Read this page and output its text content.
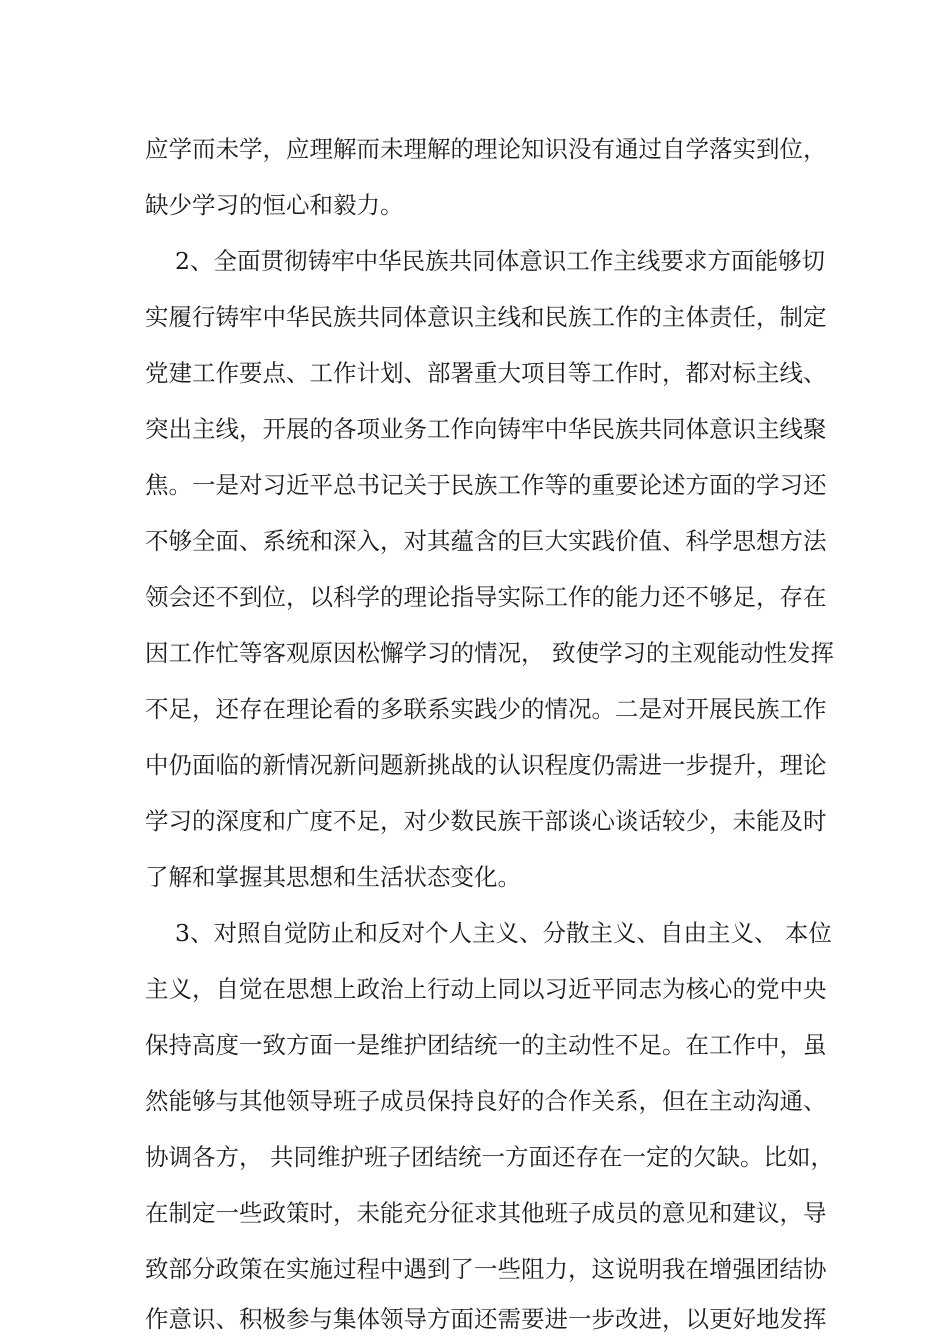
应学而未学，应理解而未理解的理论知识没有通过自学落实到位，
缺少学习的恒心和毅力。
2、全面贯彻铸牢中华民族共同体意识工作主线要求方面能够切
实履行铸牢中华民族共同体意识主线和民族工作的主体责任，制定
党建工作要点、工作计划、部署重大项目等工作时，都对标主线、
突出主线，开展的各项业务工作向铸牢中华民族共同体意识主线聚
焦。一是对习近平总书记关于民族工作等的重要论述方面的学习还
不够全面、系统和深入，对其蕴含的巨大实践价值、科学思想方法
领会还不到位，以科学的理论指导实际工作的能力还不够足，存在
因工作忙等客观原因松懈学习的情况， 致使学习的主观能动性发挥
不足，还存在理论看的多联系实践少的情况。二是对开展民族工作
中仍面临的新情况新问题新挑战的认识程度仍需进一步提升，理论
学习的深度和广度不足，对少数民族干部谈心谈话较少，未能及时
了解和掌握其思想和生活状态变化。
3、对照自觉防止和反对个人主义、分散主义、自由主义、 本位
主义，自觉在思想上政治上行动上同以习近平同志为核心的党中央
保持高度一致方面一是维护团结统一的主动性不足。在工作中，虽
然能够与其他领导班子成员保持良好的合作关系，但在主动沟通、
协调各方， 共同维护班子团结统一方面还存在一定的欠缺。比如，
在制定一些政策时，未能充分征求其他班子成员的意见和建议，导
致部分政策在实施过程中遇到了一些阻力，这说明我在增强团结协
作意识、积极参与集体领导方面还需要进一步改进，以更好地发挥
